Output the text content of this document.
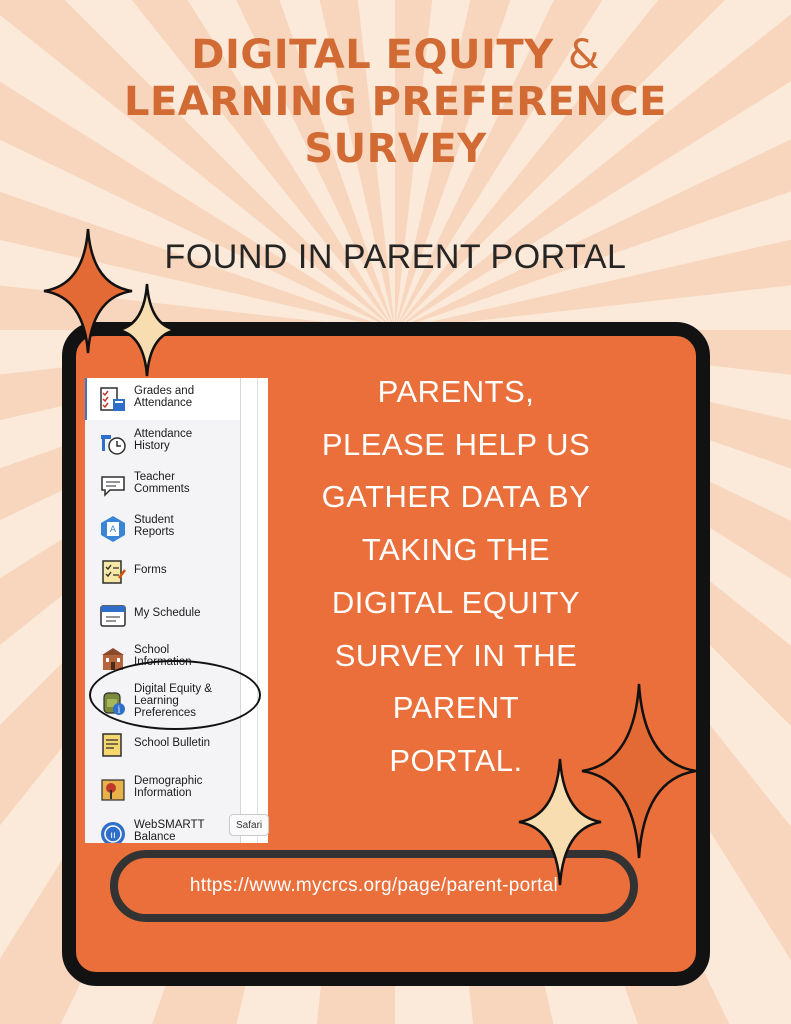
DIGITAL EQUITY &
LEARNING PREFERENCE
SURVEY
FOUND IN PARENT PORTAL
Grades and
Attendance
Attendance
History
Teacher
Comments
A
Student
Reports
Forms
My Schedule
School
Information
i
Digital Equity &
Learning
Preferences
School Bulletin
Demographic
Information
ıı
WebSMARTT
Balance
Safari
PARENTS,
PLEASE HELP US
GATHER DATA BY
TAKING THE
DIGITAL EQUITY
SURVEY IN THE
PARENT
PORTAL.
https://www.mycrcs.org/page/parent-portal
